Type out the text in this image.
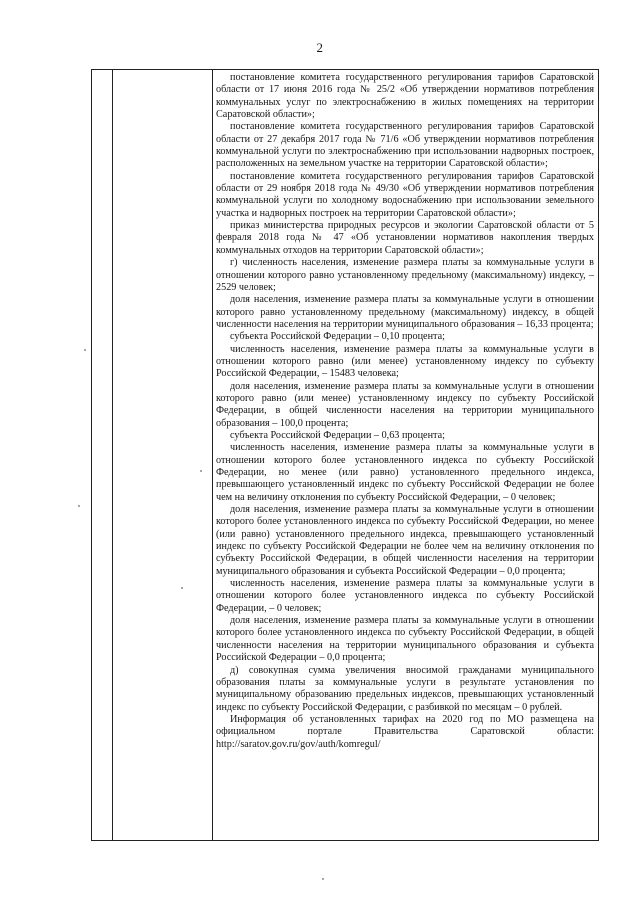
2

постановление комитета государственного регулирования тарифов Саратовской области от 17 июня 2016 года № 25/2 «Об утверждении нормативов потребления коммунальных услуг по электроснабжению в жилых помещениях на территории Саратовской области»;

постановление комитета государственного регулирования тарифов Саратовской области от 27 декабря 2017 года № 71/6 «Об утверждении нормативов потребления коммунальной услуги по электроснабжению при использовании надворных построек, расположенных на земельном участке на территории Саратовской области»;

постановление комитета государственного регулирования тарифов Саратовской области от 29 ноября 2018 года № 49/30 «Об утверждении нормативов потребления коммунальной услуги по холодному водоснабжению при использовании земельного участка и надворных построек на территории Саратовской области»;

приказ министерства природных ресурсов и экологии Саратовской области от 5 февраля 2018 года № 47 «Об установлении нормативов накопления твердых коммунальных отходов на территории Саратовской области»;

г) численность населения, изменение размера платы за коммунальные услуги в отношении которого равно установленному предельному (максимальному) индексу, – 2529 человек;

доля населения, изменение размера платы за коммунальные услуги в отношении которого равно установленному предельному (максимальному) индексу, в общей численности населения на территории муниципального образования – 16,33 процента;

субъекта Российской Федерации – 0,10 процента;

численность населения, изменение размера платы за коммунальные услуги в отношении которого равно (или менее) установленному индексу по субъекту Российской Федерации, – 15483 человека;

доля населения, изменение размера платы за коммунальные услуги в отношении которого равно (или менее) установленному индексу по субъекту Российской Федерации, в общей численности населения на территории муниципального образования – 100,0 процента;

субъекта Российской Федерации – 0,63 процента;

численность населения, изменение размера платы за коммунальные услуги в отношении которого более установленного индекса по субъекту Российской Федерации, но менее (или равно) установленного предельного индекса, превышающего установленный индекс по субъекту Российской Федерации не более чем на величину отклонения по субъекту Российской Федерации, – 0 человек;

доля населения, изменение размера платы за коммунальные услуги в отношении которого более установленного индекса по субъекту Российской Федерации, но менее (или равно) установленного предельного индекса, превышающего установленный индекс по субъекту Российской Федерации не более чем на величину отклонения по субъекту Российской Федерации, в общей численности населения на территории муниципального образования и субъекта Российской Федерации – 0,0 процента;

численность населения, изменение размера платы за коммунальные услуги в отношении которого более установленного индекса по субъекту Российской Федерации, – 0 человек;

доля населения, изменение размера платы за коммунальные услуги в отношении которого более установленного индекса по субъекту Российской Федерации, в общей численности населения на территории муниципального образования и субъекта Российской Федерации – 0,0 процента;

д) совокупная сумма увеличения вносимой гражданами муниципального образования платы за коммунальные услуги в результате установления по муниципальному образованию предельных индексов, превышающих установленный индекс по субъекту Российской Федерации, с разбивкой по месяцам – 0 рублей.

Информация об установленных тарифах на 2020 год по МО размещена на официальном портале Правительства Саратовской области: http://saratov.gov.ru/gov/auth/komregul/
